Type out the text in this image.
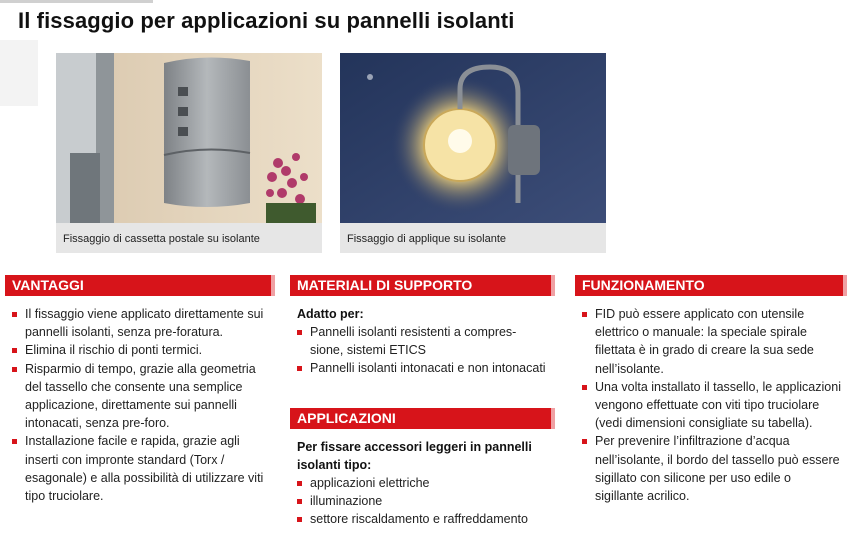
Il fissaggio per applicazioni su pannelli isolanti
Fissaggio di cassetta postale su isolante	Fissaggio di applique su isolante
VANTAGGI
Il fissaggio viene applicato direttamente sui pannelli isolanti, senza pre-foratura.
Elimina il rischio di ponti termici.
Risparmio di tempo, grazie alla geometria del tassello che consente una semplice applicazione, direttamente sui pannelli intonacati, senza pre-foro.
Installazione facile e rapida, grazie agli inserti con impronte standard (Torx / esagonale) e alla possibilità di utilizzare viti tipo truciolare.
MATERIALI DI SUPPORTO
Adatto per:
Pannelli isolanti resistenti a compres-sione, sistemi ETICS
Pannelli isolanti intonacati e non intonacati
APPLICAZIONI
Per fissare accessori leggeri in pannelli isolanti tipo:
applicazioni elettriche
illuminazione
settore riscaldamento e raffreddamento
FUNZIONAMENTO
FID può essere applicato con utensile elettrico o manuale: la speciale spirale filettata è in grado di creare la sua sede nell’isolante.
Una volta installato il tassello, le applicazioni vengono effettuate con viti tipo truciolare (vedi dimensioni consigliate su tabella).
Per prevenire l’infiltrazione d’acqua nell’isolante, il bordo del tassello può essere sigillato con silicone per uso edile o sigillante acrilico.
